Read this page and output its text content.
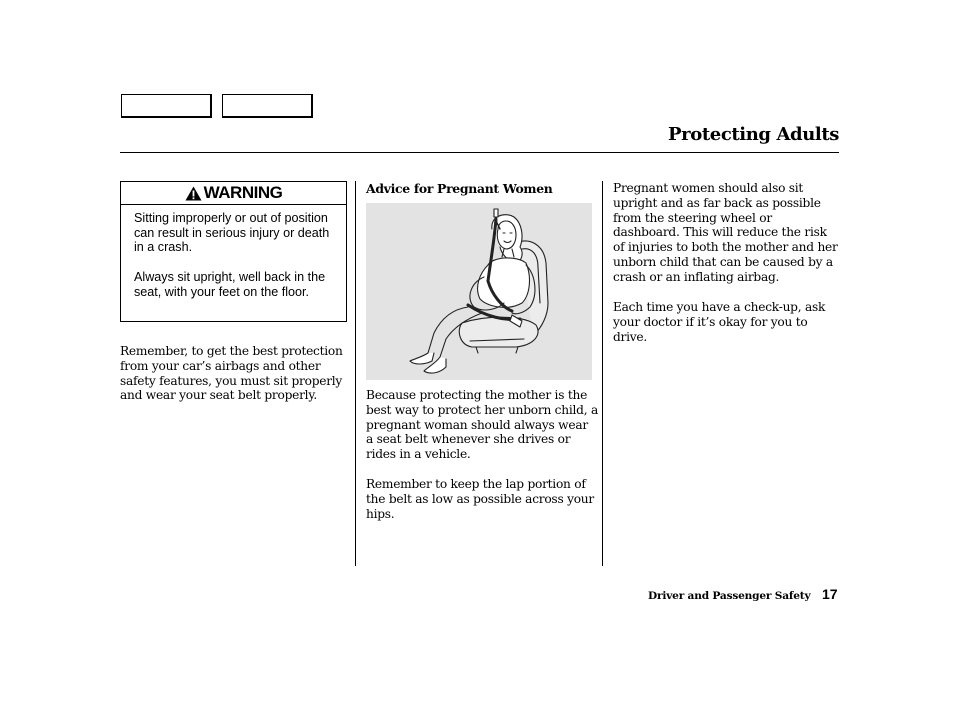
Protecting Adults
WARNING

Sitting improperly or out of position can result in serious injury or death in a crash.

Always sit upright, well back in the seat, with your feet on the floor.

Remember, to get the best protection from your car’s airbags and other safety features, you must sit properly and wear your seat belt properly.

Advice for Pregnant Women

Because protecting the mother is the best way to protect her unborn child, a pregnant woman should always wear a seat belt whenever she drives or rides in a vehicle.

Remember to keep the lap portion of the belt as low as possible across your hips.

Pregnant women should also sit upright and as far back as possible from the steering wheel or dashboard. This will reduce the risk of injuries to both the mother and her unborn child that can be caused by a crash or an inflating airbag.

Each time you have a check-up, ask your doctor if it’s okay for you to drive.

Driver and Passenger Safety 17
